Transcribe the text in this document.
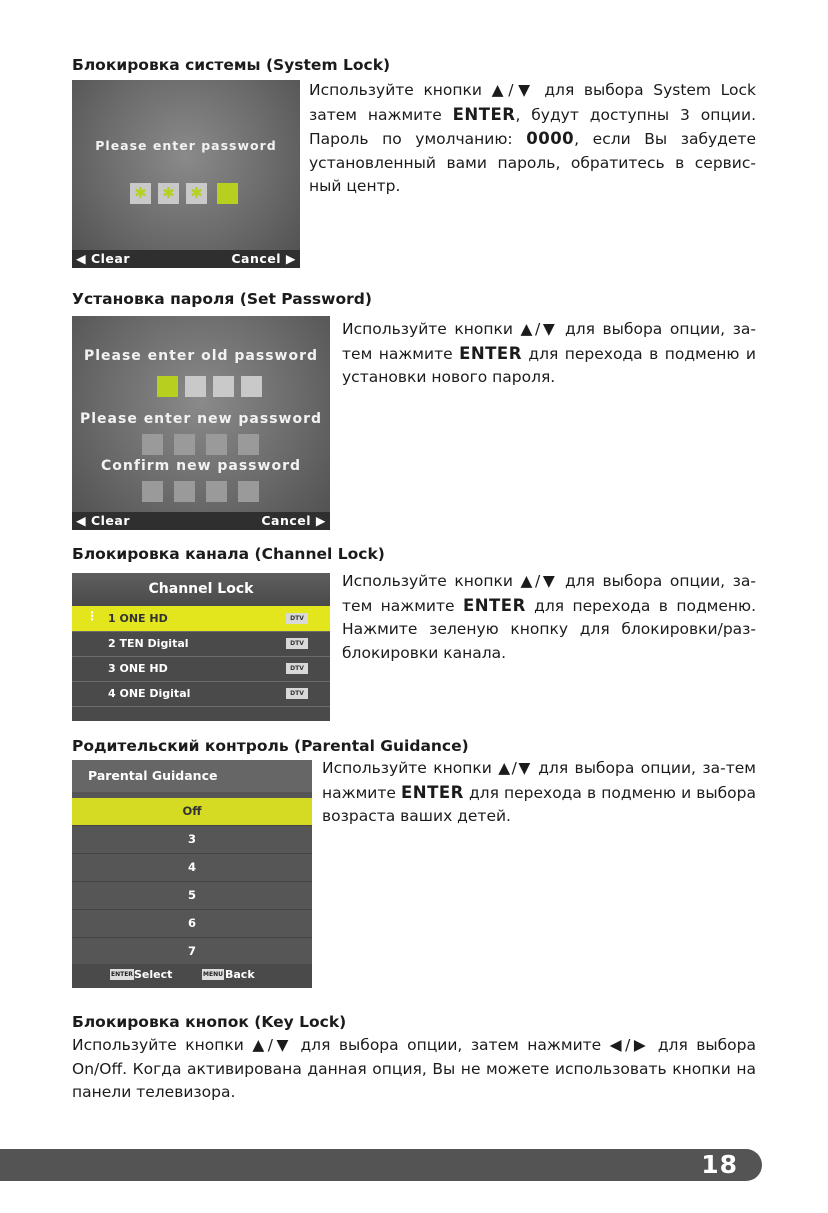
Блокировка системы (System Lock)
Please enter password
✱ ✱ ✱
◀ Clear	Cancel ▶
Используйте кнопки ▲/▼ для выбора System Lock затем нажмите ENTER, будут доступны 3 опции. Пароль по умолчанию: 0000, если Вы забудете установленный вами пароль, обратитесь в сервис-ный центр.
Установка пароля (Set Password)
Please enter old password
Please enter new password
Confirm new password
◀ Clear	Cancel ▶
Используйте кнопки ▲/▼ для выбора опции, за-тем нажмите ENTER для перехода в подменю и установки нового пароля.
Блокировка канала (Channel Lock)
Channel Lock
⋮ 1 ONE HD	DTV
2 TEN Digital	DTV
3 ONE HD	DTV
4 ONE Digital	DTV
Используйте кнопки ▲/▼ для выбора опции, за-тем нажмите ENTER для перехода в подменю. Нажмите зеленую кнопку для блокировки/раз-блокировки канала.
Родительский контроль (Parental Guidance)
Parental Guidance
Off
3
4
5
6
7
ENTER Select	MENU Back
Используйте кнопки ▲/▼ для выбора опции, за-тем нажмите ENTER для перехода в подменю и выбора возраста ваших детей.
Блокировка кнопок (Key Lock)
Используйте кнопки ▲/▼ для выбора опции, затем нажмите ◀/▶ для выбора On/Off. Когда активирована данная опция, Вы не можете использовать кнопки на панели телевизора.
18
